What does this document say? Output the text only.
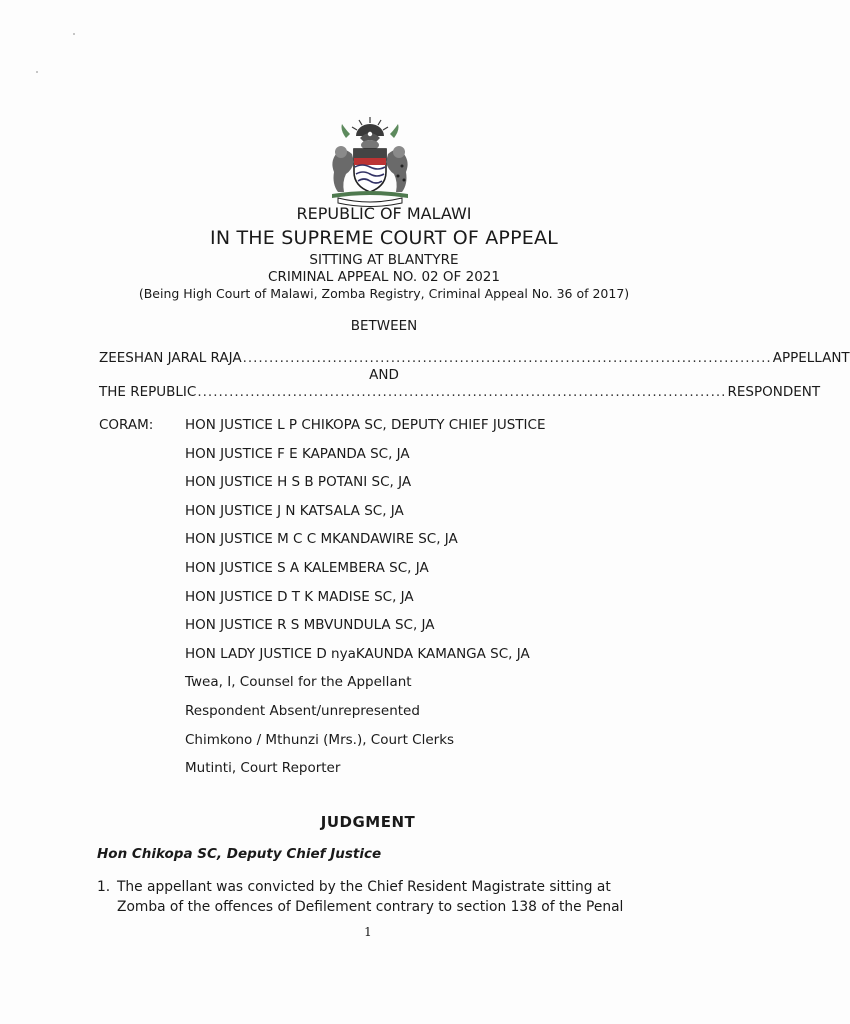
REPUBLIC OF MALAWI
IN THE SUPREME COURT OF APPEAL
SITTING AT BLANTYRE
CRIMINAL APPEAL NO. 02 OF 2021
(Being High Court of Malawi, Zomba Registry, Criminal Appeal No. 36 of 2017)
BETWEEN
ZEESHAN JARAL RAJA .................................................................................................... APPELLANT
AND
THE REPUBLIC .................................................................................................... RESPONDENT
CORAM: HON JUSTICE L P CHIKOPA SC, DEPUTY CHIEF JUSTICE
HON JUSTICE F E KAPANDA SC, JA
HON JUSTICE H S B POTANI SC, JA
HON JUSTICE J N KATSALA SC, JA
HON JUSTICE M C C MKANDAWIRE SC, JA
HON JUSTICE S A KALEMBERA SC, JA
HON JUSTICE D T K MADISE SC, JA
HON JUSTICE R S MBVUNDULA SC, JA
HON LADY JUSTICE D nyaKAUNDA KAMANGA SC, JA
Twea, I, Counsel for the Appellant
Respondent Absent/unrepresented
Chimkono / Mthunzi (Mrs.), Court Clerks
Mutinti, Court Reporter
JUDGMENT
Hon Chikopa SC, Deputy Chief Justice
1. The appellant was convicted by the Chief Resident Magistrate sitting at Zomba of the offences of Defilement contrary to section 138 of the Penal
1
